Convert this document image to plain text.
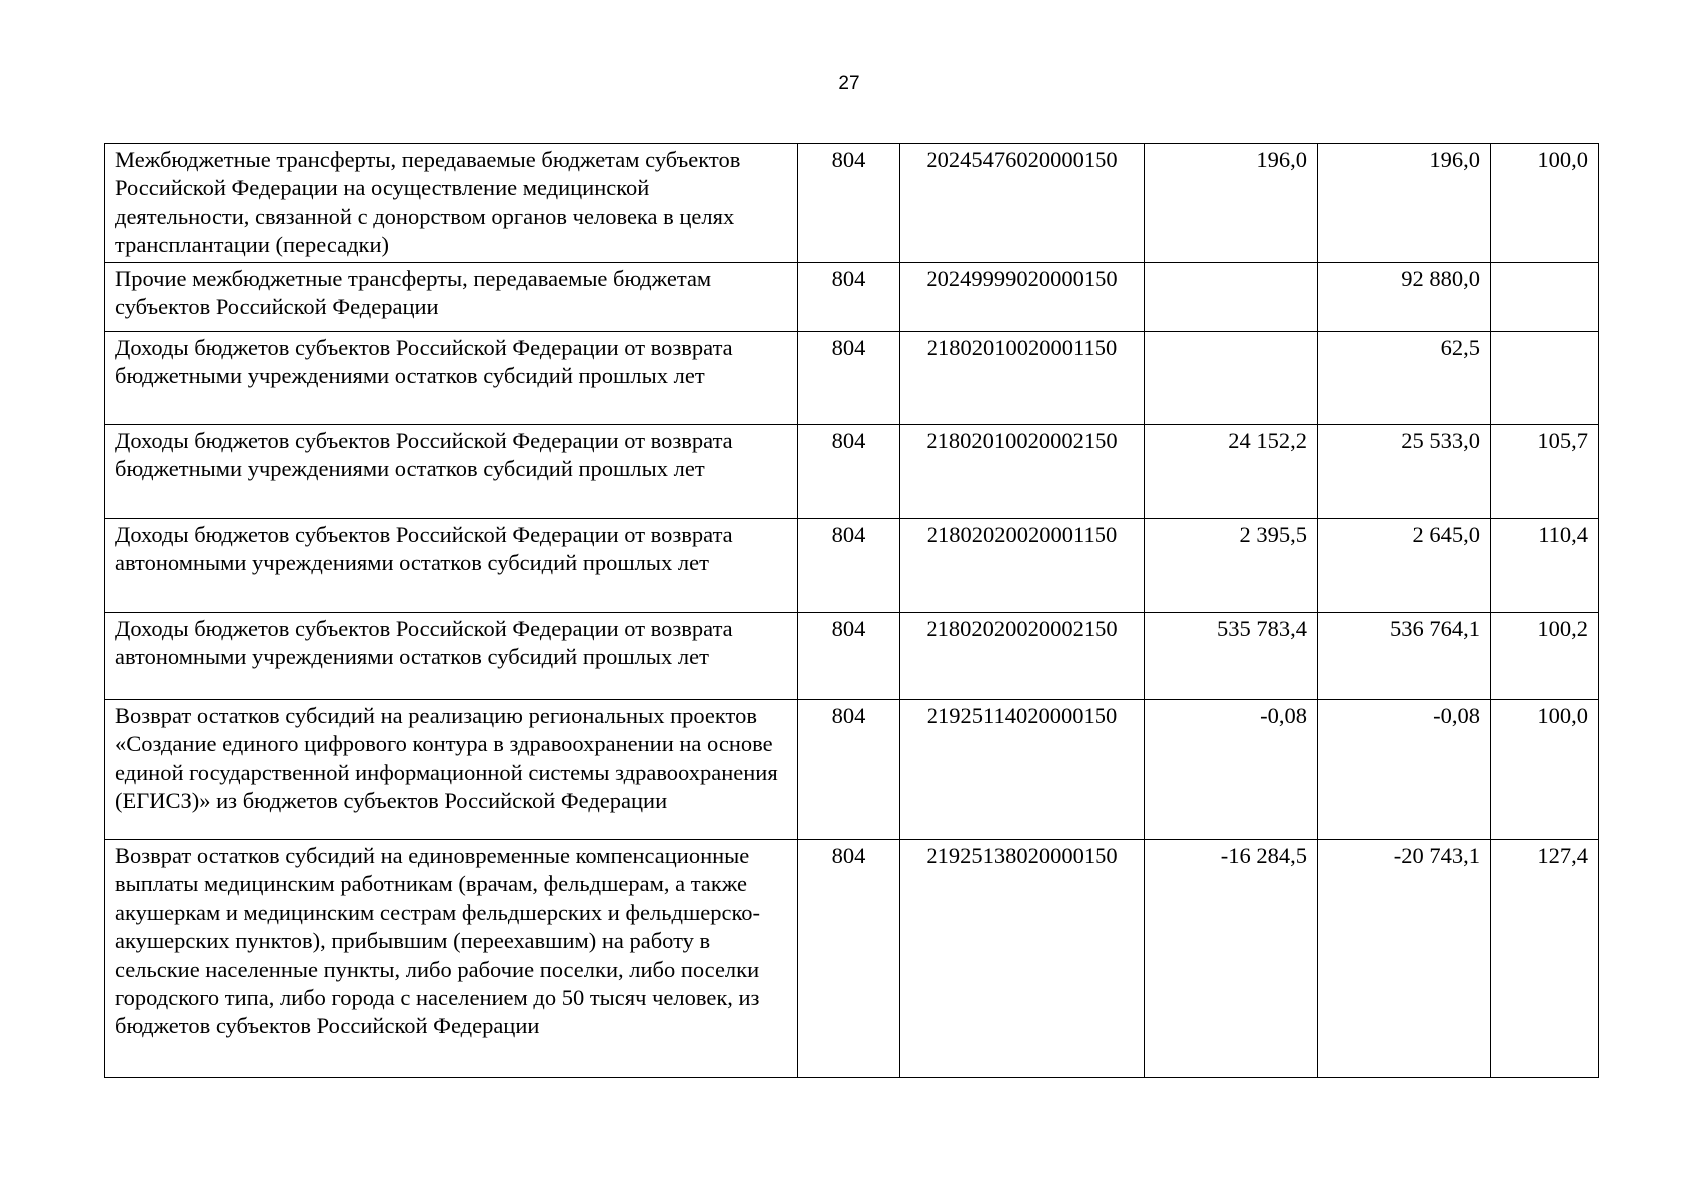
27
Межбюджетные трансферты, передаваемые бюджетам субъектов Российской Федерации на осуществление медицинской деятельности, связанной с донорством органов человека в целях трансплантации (пересадки)	804	20245476020000150	196,0	196,0	100,0
Прочие межбюджетные трансферты, передаваемые бюджетам субъектов Российской Федерации	804	20249999020000150		92 880,0	
Доходы бюджетов субъектов Российской Федерации от возврата бюджетными учреждениями остатков субсидий прошлых лет	804	21802010020001150		62,5	
Доходы бюджетов субъектов Российской Федерации от возврата бюджетными учреждениями остатков субсидий прошлых лет	804	21802010020002150	24 152,2	25 533,0	105,7
Доходы бюджетов субъектов Российской Федерации от возврата автономными учреждениями остатков субсидий прошлых лет	804	21802020020001150	2 395,5	2 645,0	110,4
Доходы бюджетов субъектов Российской Федерации от возврата автономными учреждениями остатков субсидий прошлых лет	804	21802020020002150	535 783,4	536 764,1	100,2
Возврат остатков субсидий на реализацию региональных проектов «Создание единого цифрового контура в здравоохранении на основе единой государственной информационной системы здравоохранения (ЕГИСЗ)» из бюджетов субъектов Российской Федерации	804	21925114020000150	-0,08	-0,08	100,0
Возврат остатков субсидий на единовременные компенсационные выплаты медицинским работникам (врачам, фельдшерам, а также акушеркам и медицинским сестрам фельдшерских и фельдшерско-акушерских пунктов), прибывшим (переехавшим) на работу в сельские населенные пункты, либо рабочие поселки, либо поселки городского типа, либо города с населением до 50 тысяч человек, из бюджетов субъектов Российской Федерации	804	21925138020000150	-16 284,5	-20 743,1	127,4
